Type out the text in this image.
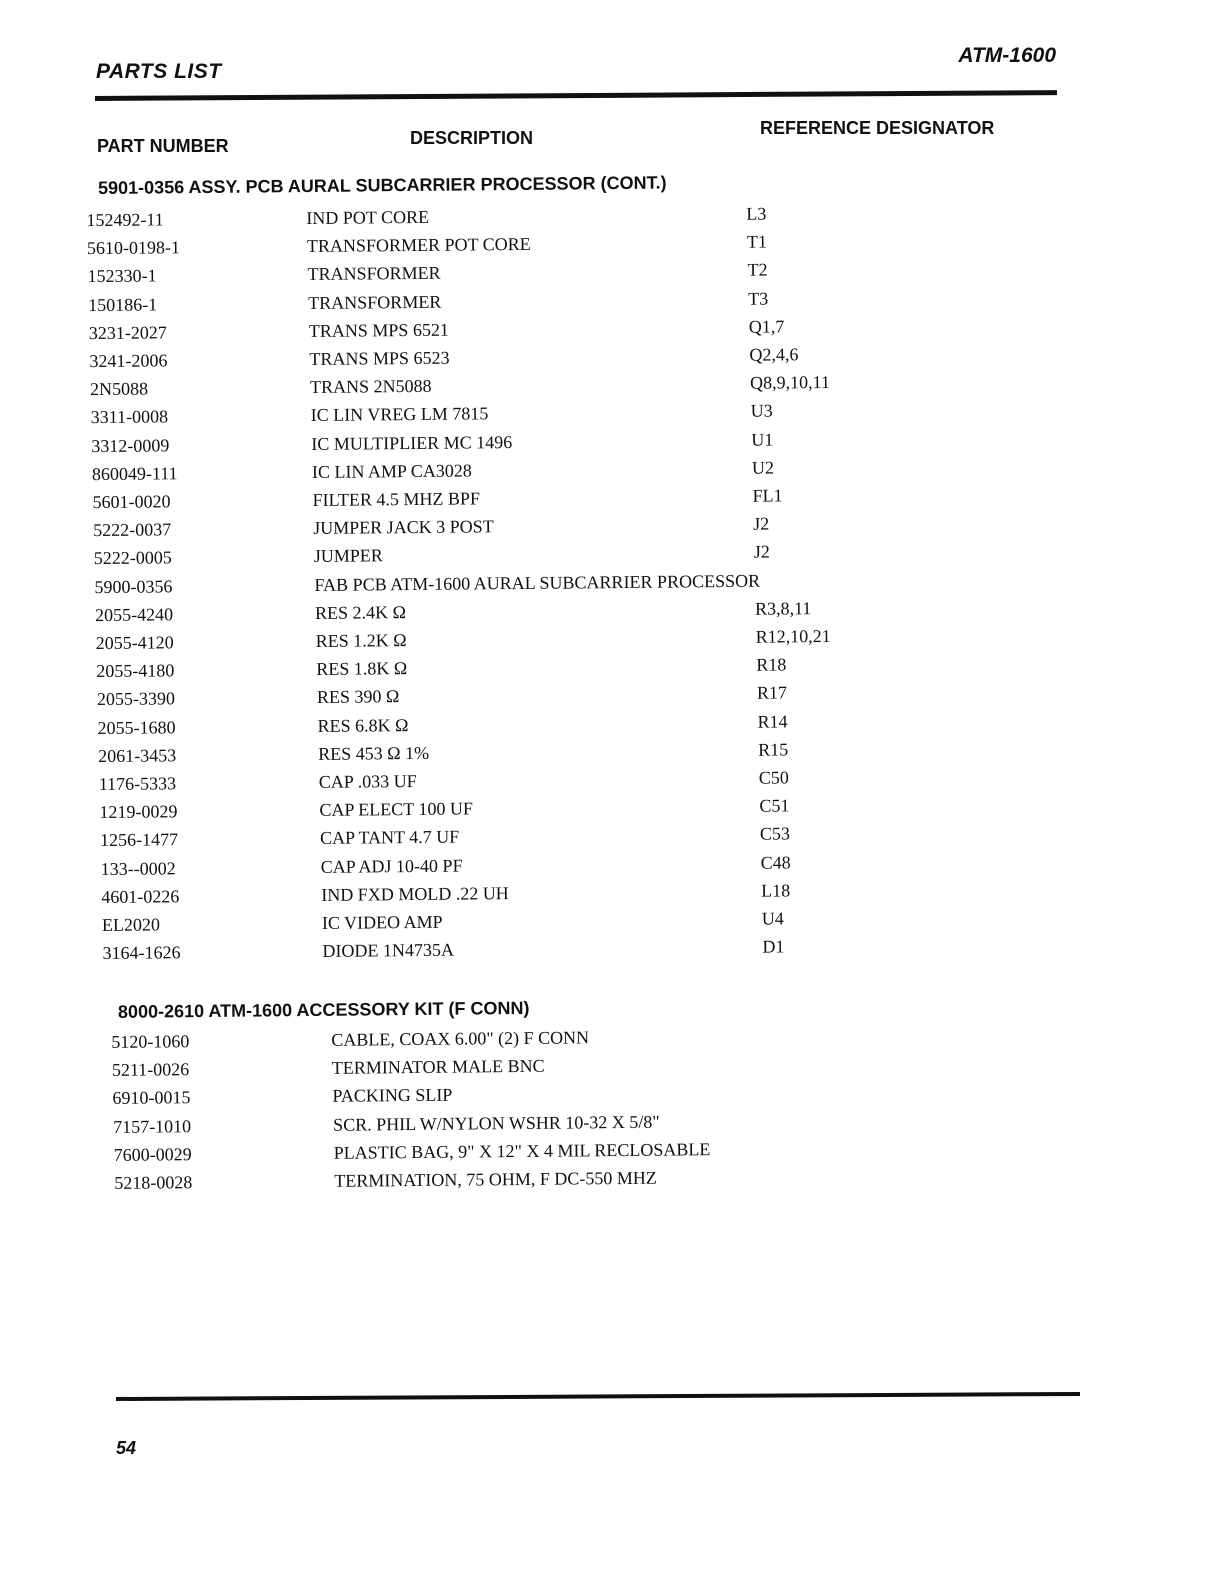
PARTS LIST
ATM-1600
PART NUMBER	DESCRIPTION	REFERENCE DESIGNATOR
5901-0356 ASSY. PCB AURAL SUBCARRIER PROCESSOR (CONT.)
152492-11	IND POT CORE	L3
5610-0198-1	TRANSFORMER POT CORE	T1
152330-1	TRANSFORMER	T2
150186-1	TRANSFORMER	T3
3231-2027	TRANS MPS 6521	Q1,7
3241-2006	TRANS MPS 6523	Q2,4,6
2N5088	TRANS 2N5088	Q8,9,10,11
3311-0008	IC LIN VREG LM 7815	U3
3312-0009	IC MULTIPLIER MC 1496	U1
860049-111	IC LIN AMP CA3028	U2
5601-0020	FILTER 4.5 MHZ BPF	FL1
5222-0037	JUMPER JACK 3 POST	J2
5222-0005	JUMPER	J2
5900-0356	FAB PCB ATM-1600 AURAL SUBCARRIER PROCESSOR
2055-4240	RES 2.4K Ω	R3,8,11
2055-4120	RES 1.2K Ω	R12,10,21
2055-4180	RES 1.8K Ω	R18
2055-3390	RES 390 Ω	R17
2055-1680	RES 6.8K Ω	R14
2061-3453	RES 453 Ω 1%	R15
1176-5333	CAP .033 UF	C50
1219-0029	CAP ELECT 100 UF	C51
1256-1477	CAP TANT 4.7 UF	C53
133--0002	CAP ADJ 10-40 PF	C48
4601-0226	IND FXD MOLD .22 UH	L18
EL2020	IC VIDEO AMP	U4
3164-1626	DIODE 1N4735A	D1
8000-2610 ATM-1600 ACCESSORY KIT (F CONN)
5120-1060	CABLE, COAX 6.00" (2) F CONN
5211-0026	TERMINATOR MALE BNC
6910-0015	PACKING SLIP
7157-1010	SCR. PHIL W/NYLON WSHR 10-32 X 5/8"
7600-0029	PLASTIC BAG, 9" X 12" X 4 MIL RECLOSABLE
5218-0028	TERMINATION, 75 OHM, F DC-550 MHZ
54
